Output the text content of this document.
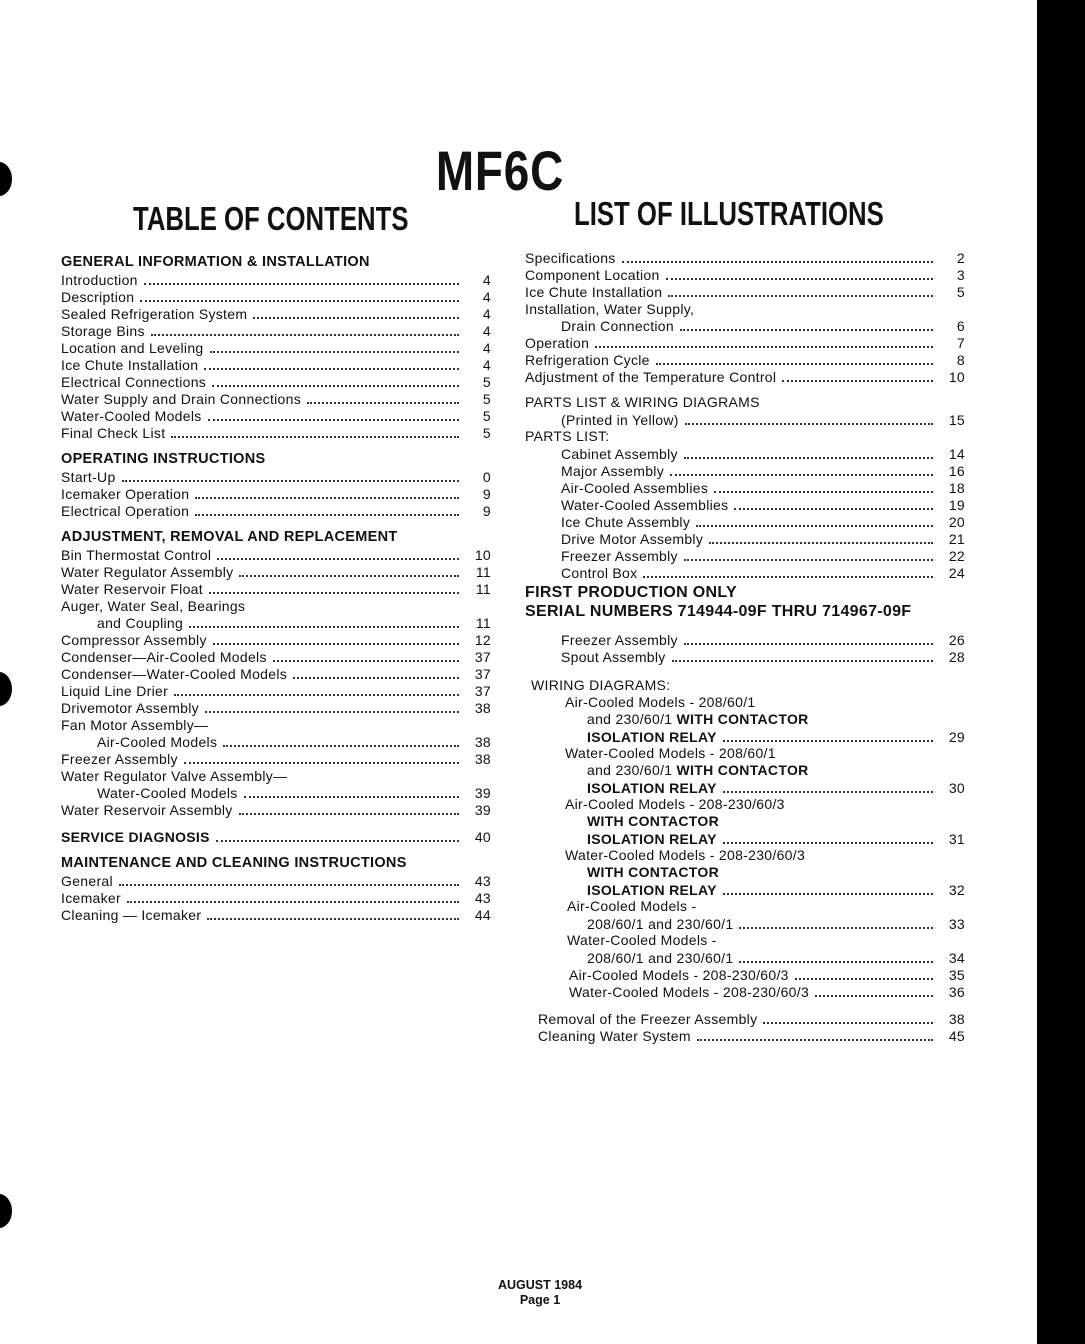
MF6C
TABLE OF CONTENTS	LIST OF ILLUSTRATIONS
GENERAL INFORMATION & INSTALLATION
Introduction	4
Description	4
Sealed Refrigeration System	4
Storage Bins	4
Location and Leveling	4
Ice Chute Installation	4
Electrical Connections	5
Water Supply and Drain Connections	5
Water-Cooled Models	5
Final Check List	5
OPERATING INSTRUCTIONS
Start-Up	0
Icemaker Operation	9
Electrical Operation	9
ADJUSTMENT, REMOVAL AND REPLACEMENT
Bin Thermostat Control	10
Water Regulator Assembly	11
Water Reservoir Float	11
Auger, Water Seal, Bearings
and Coupling	11
Compressor Assembly	12
Condenser—Air-Cooled Models	37
Condenser—Water-Cooled Models	37
Liquid Line Drier	37
Drivemotor Assembly	38
Fan Motor Assembly—
Air-Cooled Models	38
Freezer Assembly	38
Water Regulator Valve Assembly—
Water-Cooled Models	39
Water Reservoir Assembly	39
SERVICE DIAGNOSIS	40
MAINTENANCE AND CLEANING INSTRUCTIONS
General	43
Icemaker	43
Cleaning — Icemaker	44
Specifications	2
Component Location	3
Ice Chute Installation	5
Installation, Water Supply,
Drain Connection	6
Operation	7
Refrigeration Cycle	8
Adjustment of the Temperature Control	10
PARTS LIST & WIRING DIAGRAMS
(Printed in Yellow)	15
PARTS LIST:
Cabinet Assembly	14
Major Assembly	16
Air-Cooled Assemblies	18
Water-Cooled Assemblies	19
Ice Chute Assembly	20
Drive Motor Assembly	21
Freezer Assembly	22
Control Box	24
FIRST PRODUCTION ONLY
SERIAL NUMBERS 714944-09F THRU 714967-09F
Freezer Assembly	26
Spout Assembly	28
WIRING DIAGRAMS:
Air-Cooled Models - 208/60/1
and 230/60/1 WITH CONTACTOR
ISOLATION RELAY	29
Water-Cooled Models - 208/60/1
and 230/60/1 WITH CONTACTOR
ISOLATION RELAY	30
Air-Cooled Models - 208-230/60/3
WITH CONTACTOR
ISOLATION RELAY	31
Water-Cooled Models - 208-230/60/3
WITH CONTACTOR
ISOLATION RELAY	32
Air-Cooled Models -
208/60/1 and 230/60/1	33
Water-Cooled Models -
208/60/1 and 230/60/1	34
Air-Cooled Models - 208-230/60/3	35
Water-Cooled Models - 208-230/60/3	36
Removal of the Freezer Assembly	38
Cleaning Water System	45
AUGUST 1984
Page 1
